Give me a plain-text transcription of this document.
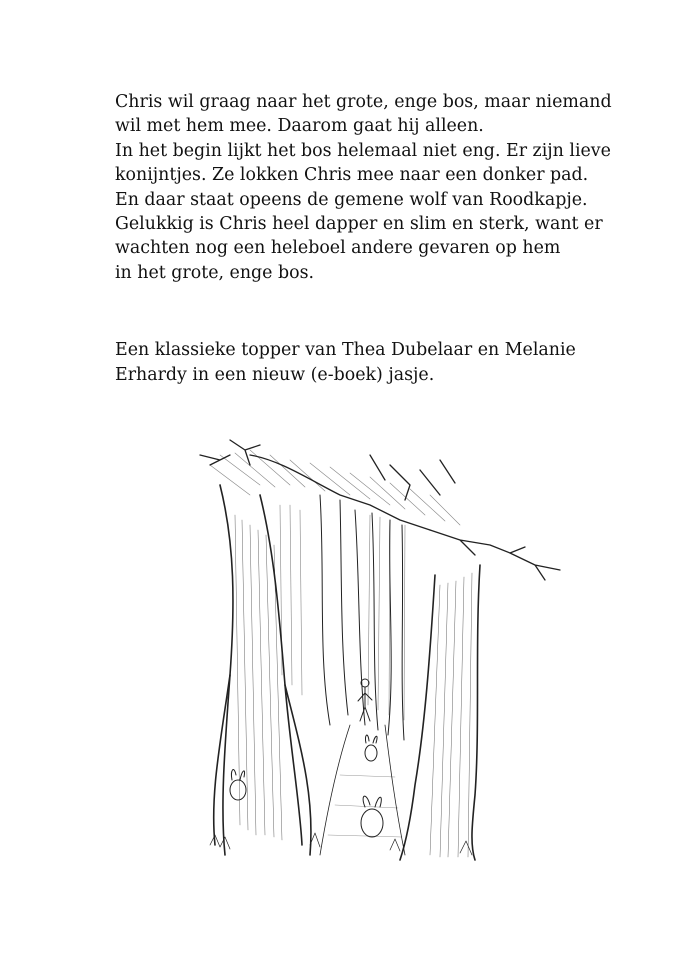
Chris wil graag naar het grote, enge bos, maar niemand
wil met hem mee. Daarom gaat hij alleen.
In het begin lijkt het bos helemaal niet eng. Er zijn lieve
konijntjes. Ze lokken Chris mee naar een donker pad.
En daar staat opeens de gemene wolf van Roodkapje.
Gelukkig is Chris heel dapper en slim en sterk, want er
wachten nog een heleboel andere gevaren op hem
in het grote, enge bos.

Een klassieke topper van Thea Dubelaar en Melanie
Erhardy in een nieuw (e-boek) jasje.
